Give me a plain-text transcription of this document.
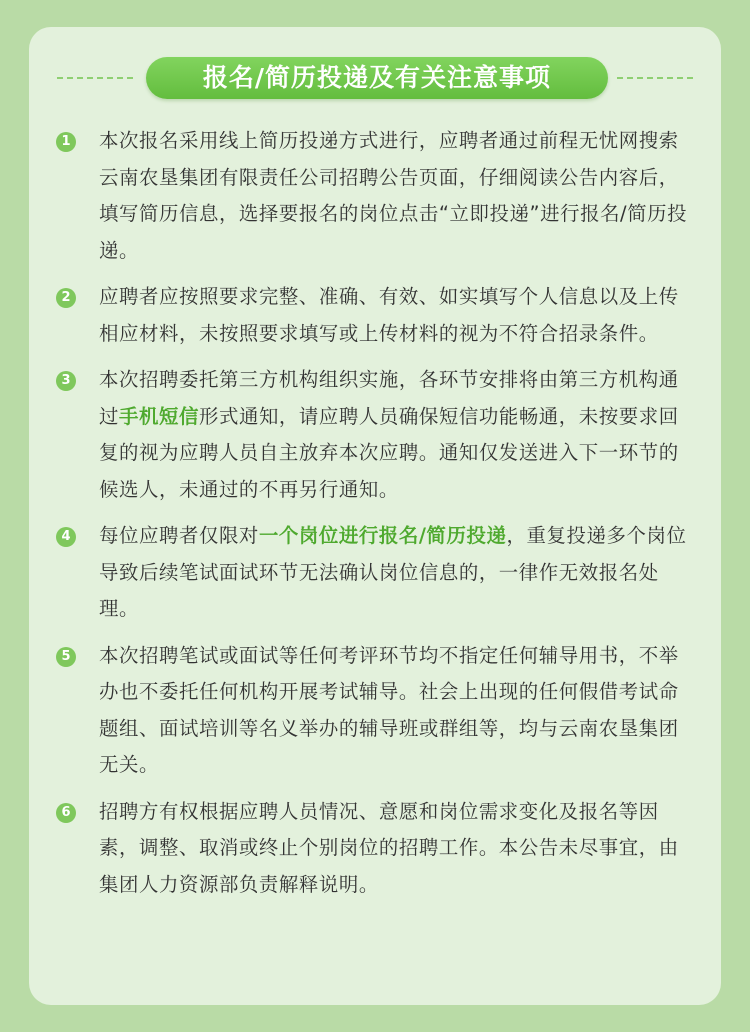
报名/简历投递及有关注意事项
1 本次报名采用线上简历投递方式进行，应聘者通过前程无忧网搜索云南农垦集团有限责任公司招聘公告页面，仔细阅读公告内容后，填写简历信息，选择要报名的岗位点击“立即投递”进行报名/简历投递。
2 应聘者应按照要求完整、准确、有效、如实填写个人信息以及上传相应材料，未按照要求填写或上传材料的视为不符合招录条件。
3 本次招聘委托第三方机构组织实施，各环节安排将由第三方机构通过手机短信形式通知，请应聘人员确保短信功能畅通，未按要求回复的视为应聘人员自主放弃本次应聘。通知仅发送进入下一环节的候选人，未通过的不再另行通知。
4 每位应聘者仅限对一个岗位进行报名/简历投递，重复投递多个岗位导致后续笔试面试环节无法确认岗位信息的，一律作无效报名处理。
5 本次招聘笔试或面试等任何考评环节均不指定任何辅导用书，不举办也不委托任何机构开展考试辅导。社会上出现的任何假借考试命题组、面试培训等名义举办的辅导班或群组等，均与云南农垦集团无关。
6 招聘方有权根据应聘人员情况、意愿和岗位需求变化及报名等因素，调整、取消或终止个别岗位的招聘工作。本公告未尽事宜，由集团人力资源部负责解释说明。
